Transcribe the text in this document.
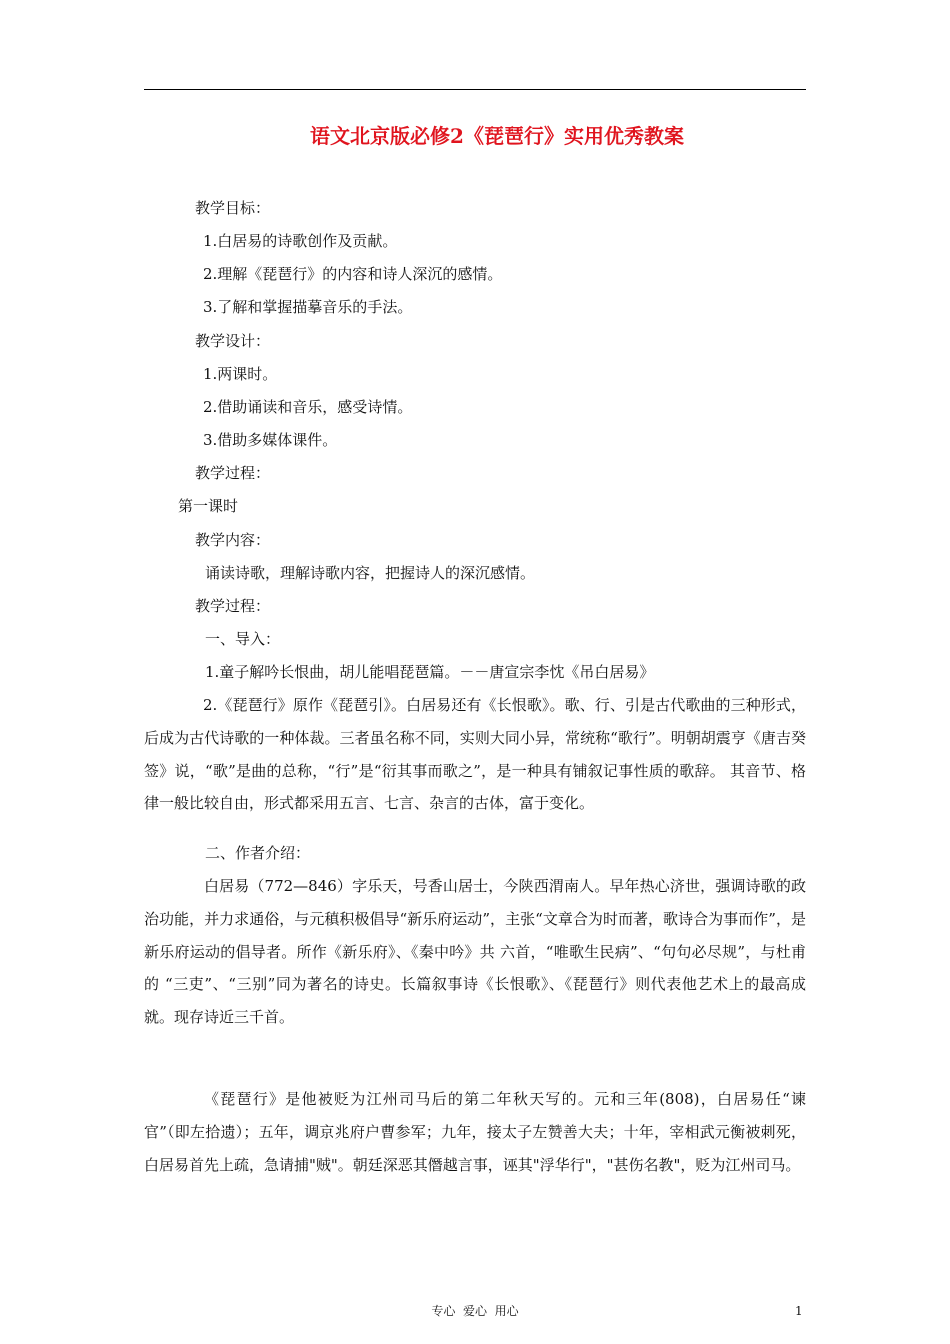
语文北京版必修2《琵琶行》实用优秀教案
教学目标：
1.白居易的诗歌创作及贡献。
2.理解《琵琶行》的内容和诗人深沉的感情。
3.了解和掌握描摹音乐的手法。
教学设计：
1.两课时。
2.借助诵读和音乐，感受诗情。
3.借助多媒体课件。
教学过程：
第一课时
教学内容：
诵读诗歌，理解诗歌内容，把握诗人的深沉感情。
教学过程：
一、导入：
1.童子解吟长恨曲，胡儿能唱琵琶篇。－－唐宣宗李忱《吊白居易》
2.《琵琶行》原作《琵琶引》。白居易还有《长恨歌》。歌、行、引是古代歌曲的三种形式，后成为古代诗歌的一种体裁。三者虽名称不同，实则大同小异，常统称“歌行”。明朝胡震亨《唐吉癸签》说，“歌”是曲的总称，“行”是“衍其事而歌之”，是一种具有铺叙记事性质的歌辞。 其音节、格律一般比较自由，形式都采用五言、七言、杂言的古体，富于变化。
二、作者介绍：
白居易（772—846）字乐天，号香山居士，今陕西渭南人。早年热心济世，强调诗歌的政治功能，并力求通俗，与元稹积极倡导“新乐府运动”，主张“文章合为时而著，歌诗合为事而作”，是新乐府运动的倡导者。所作《新乐府》、《秦中吟》共 六首，“唯歌生民病”、“句句必尽规”，与杜甫的 “三吏”、“三别”同为著名的诗史。长篇叙事诗《长恨歌》、《琵琶行》则代表他艺术上的最高成就。现存诗近三千首。
《琵琶行》是他被贬为江州司马后的第二年秋天写的。元和三年(808)，白居易任“谏官”（即左拾遗）；五年，调京兆府户曹参军；九年，接太子左赞善大夫；十年，宰相武元衡被刺死，白居易首先上疏，急请捕"贼"。朝廷深恶其僭越言事，诬其"浮华行"，"甚伤名教"，贬为江州司马。
专心  爱心  用心	1
